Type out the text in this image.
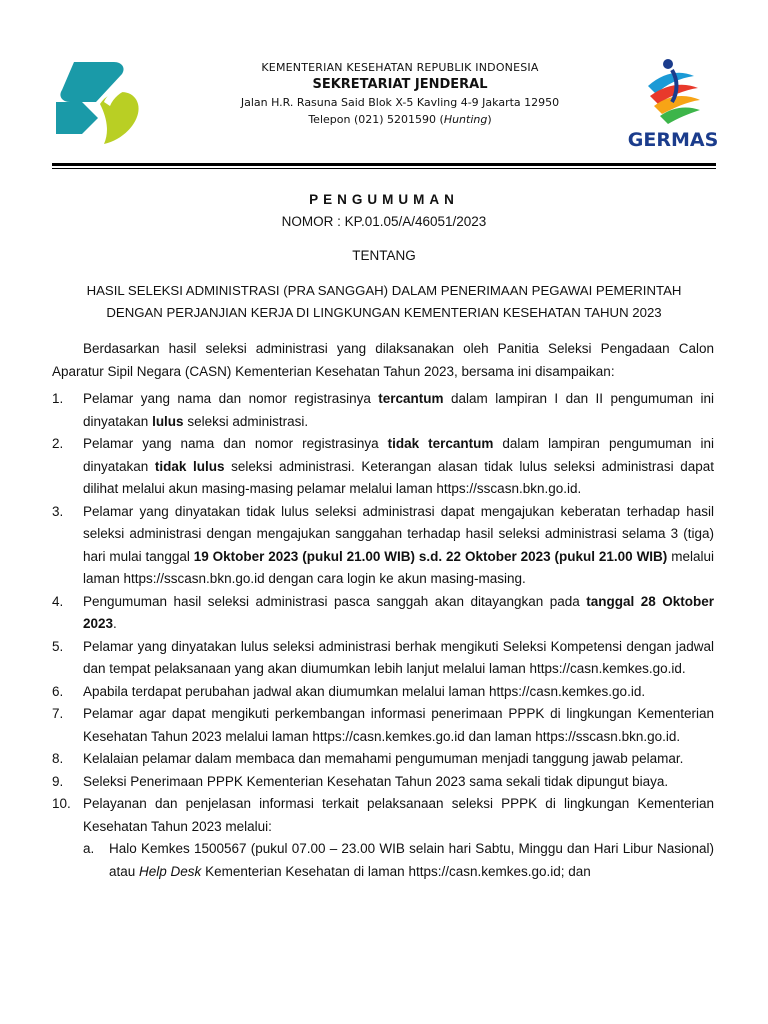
KEMENTERIAN KESEHATAN REPUBLIK INDONESIA
SEKRETARIAT JENDERAL
Jalan H.R. Rasuna Said Blok X-5 Kavling 4-9 Jakarta 12950
Telepon (021) 5201590 (Hunting)
GERMAS
PENGUMUMAN
NOMOR : KP.01.05/A/46051/2023
TENTANG
HASIL SELEKSI ADMINISTRASI (PRA SANGGAH) DALAM PENERIMAAN PEGAWAI PEMERINTAH
DENGAN PERJANJIAN KERJA DI LINGKUNGAN KEMENTERIAN KESEHATAN TAHUN 2023

Berdasarkan hasil seleksi administrasi yang dilaksanakan oleh Panitia Seleksi Pengadaan Calon Aparatur Sipil Negara (CASN) Kementerian Kesehatan Tahun 2023, bersama ini disampaikan:

1.	Pelamar yang nama dan nomor registrasinya tercantum dalam lampiran I dan II pengumuman ini dinyatakan lulus seleksi administrasi.
2.	Pelamar yang nama dan nomor registrasinya tidak tercantum dalam lampiran pengumuman ini dinyatakan tidak lulus seleksi administrasi. Keterangan alasan tidak lulus seleksi administrasi dapat dilihat melalui akun masing-masing pelamar melalui laman https://sscasn.bkn.go.id.
3.	Pelamar yang dinyatakan tidak lulus seleksi administrasi dapat mengajukan keberatan terhadap hasil seleksi administrasi dengan mengajukan sanggahan terhadap hasil seleksi administrasi selama 3 (tiga) hari mulai tanggal 19 Oktober 2023 (pukul 21.00 WIB) s.d. 22 Oktober 2023 (pukul 21.00 WIB) melalui laman https://sscasn.bkn.go.id dengan cara login ke akun masing-masing.
4.	Pengumuman hasil seleksi administrasi pasca sanggah akan ditayangkan pada tanggal 28 Oktober 2023.
5.	Pelamar yang dinyatakan lulus seleksi administrasi berhak mengikuti Seleksi Kompetensi dengan jadwal dan tempat pelaksanaan yang akan diumumkan lebih lanjut melalui laman https://casn.kemkes.go.id.
6.	Apabila terdapat perubahan jadwal akan diumumkan melalui laman https://casn.kemkes.go.id.
7.	Pelamar agar dapat mengikuti perkembangan informasi penerimaan PPPK di lingkungan Kementerian Kesehatan Tahun 2023 melalui laman https://casn.kemkes.go.id dan laman https://sscasn.bkn.go.id.
8.	Kelalaian pelamar dalam membaca dan memahami pengumuman menjadi tanggung jawab pelamar.
9.	Seleksi Penerimaan PPPK Kementerian Kesehatan Tahun 2023 sama sekali tidak dipungut biaya.
10. Pelayanan dan penjelasan informasi terkait pelaksanaan seleksi PPPK di lingkungan Kementerian Kesehatan Tahun 2023 melalui:
a.	Halo Kemkes 1500567 (pukul 07.00 – 23.00 WIB selain hari Sabtu, Minggu dan Hari Libur Nasional) atau Help Desk Kementerian Kesehatan di laman https://casn.kemkes.go.id; dan
